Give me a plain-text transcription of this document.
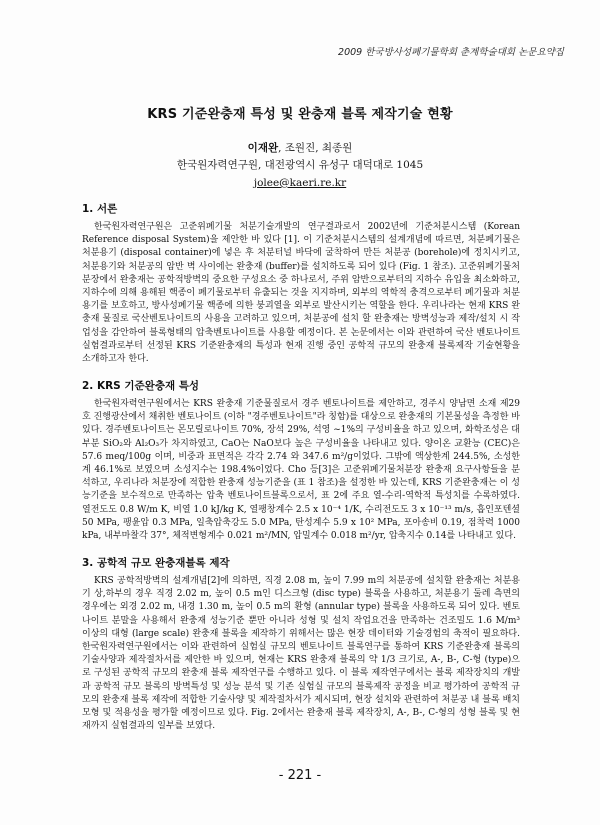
2009 한국방사성폐기물학회 춘계학술대회 논문요약집
KRS 기준완충재 특성 및 완충재 블록 제작기술 현황
이재완, 조원진, 최종원
한국원자력연구원, 대전광역시 유성구 대덕대로 1045
jolee@kaeri.re.kr
1. 서론

한국원자력연구원은 고준위폐기물 처분기술개발의 연구결과로서 2002년에 기준처분시스템 (Korean Reference disposal System)을 제안한 바 있다 [1]. 이 기준처분시스템의 설계개념에 따르면, 처분폐기물은 처분용기 (disposal container)에 넣은 후 처분터널 바닥에 굴착하여 만든 처분공 (borehole)에 정치시키고, 처분용기와 처분공의 암반 벽 사이에는 완충재 (buffer)를 설치하도록 되어 있다 (Fig. 1 참조). 고준위폐기물처분장에서 완충재는 공학적방벽의 중요한 구성요소 중 하나로서, 주위 암반으로부터의 지하수 유입을 최소화하고, 지하수에 의해 용해된 핵종이 폐기물로부터 유출되는 것을 지지하며, 외부의 역학적 충격으로부터 폐기물과 처분용기를 보호하고, 방사성폐기물 핵종에 의한 붕괴열을 외부로 발산시키는 역할을 한다. 우리나라는 현재 KRS 완충재 물질로 국산벤토나이트의 사용을 고려하고 있으며, 처분공에 설치 할 완충재는 방벽성능과 제작/설치 시 작업성을 감안하여 블록형태의 압축벤토나이트를 사용할 예정이다. 본 논문에서는 이와 관련하여 국산 벤토나이트 실험결과로부터 선정된 KRS 기준완충재의 특성과 현재 진행 중인 공학적 규모의 완충재 블록제작 기술현황을 소개하고자 한다.

2. KRS 기준완충재 특성

한국원자력연구원에서는 KRS 완충재 기준물질로서 경주 벤토나이트를 제안하고, 경주시 양남면 소재 제29호 진행광산에서 채취한 벤토나이트 (이하 "경주벤토나이트"라 칭함)를 대상으로 완충재의 기본물성을 측정한 바 있다. 경주벤토나이트는 몬모릴로나이트 70%, 장석 29%, 석영 ~1%의 구성비율을 하고 있으며, 화학조성은 대부분 SiO₂와 Al₂O₃가 차지하였고, CaO는 NaO보다 높은 구성비율을 나타내고 있다. 양이온 교환능 (CEC)은 57.6 meq/100g 이며, 비중과 표면적은 각각 2.74 와 347.6 m²/g이었다. 그밖에 액상한계 244.5%, 소성한계 46.1%로 보였으며 소성지수는 198.4%이었다. Cho 등[3]은 고준위폐기물처분장 완충재 요구사항들을 분석하고, 우리나라 처분장에 적합한 완충재 성능기준을 (표 1 참조)을 설정한 바 있는데, KRS 기준완충재는 이 성능기준을 보수적으로 만족하는 압축 벤토나이트블록으로서, 표 2에 주요 열-수리-역학적 특성치를 수록하였다. 열전도도 0.8 W/m K, 비열 1.0 kJ/kg K, 열팽창계수 2.5 x 10⁻⁴ 1/K, 수리전도도 3 x 10⁻¹³ m/s, 흡인포텐셜 50 MPa, 팽윤압 0.3 MPa, 일축압축강도 5.0 MPa, 탄성계수 5.9 x 10² MPa, 포아송비 0.19, 점착력 1000 kPa, 내부마찰각 37°, 체적변형계수 0.021 m²/MN, 압밀계수 0.018 m²/yr, 압축지수 0.14를 나타내고 있다.

3. 공학적 규모 완충재블록 제작

KRS 공학적방벽의 설계개념[2]에 의하면, 직경 2.08 m, 높이 7.99 m의 처분공에 설치할 완충재는 처분용기 상,하부의 경우 직경 2.02 m, 높이 0.5 m인 디스크형 (disc type) 블록을 사용하고, 처분용기 둘레 측면의 경우에는 외경 2.02 m, 내경 1.30 m, 높이 0.5 m의 환형 (annular type) 블록을 사용하도록 되어 있다. 벤토나이트 분말을 사용해서 완충재 성능기준 뿐만 아니라 성형 및 설치 작업요건을 만족하는 건조밀도 1.6 M/m³ 이상의 대형 (large scale) 완충재 블록을 제작하기 위해서는 많은 현장 데이터와 기술경험의 축적이 필요하다. 한국원자력연구원에서는 이와 관련하여 실험실 규모의 벤토나이트 블록연구를 통하여 KRS 기준완충재 블록의 기술사양과 제작절차서를 제안한 바 있으며, 현재는 KRS 완충재 블록의 약 1/3 크기로, A-, B-, C-형 (type)으로 구성된 공학적 규모의 완충재 블록 제작연구를 수행하고 있다. 이 블록 제작연구에서는 블록 제작장치의 개발과 공학적 규모 블록의 방벽특성 및 성능 분석 및 기존 실험실 규모의 블록제작 공정을 비교 평가하여 공학적 규모의 완충재 블록 제작에 적합한 기술사양 및 제작절차서가 제시되며, 현장 설치와 관련하여 처분공 내 블록 배치모형 및 적용성을 평가할 예정이므로 있다. Fig. 2에서는 완충재 블록 제작장치, A-, B-, C-형의 성형 블록 및 현재까지 실험결과의 일부를 보였다.

- 221 -
